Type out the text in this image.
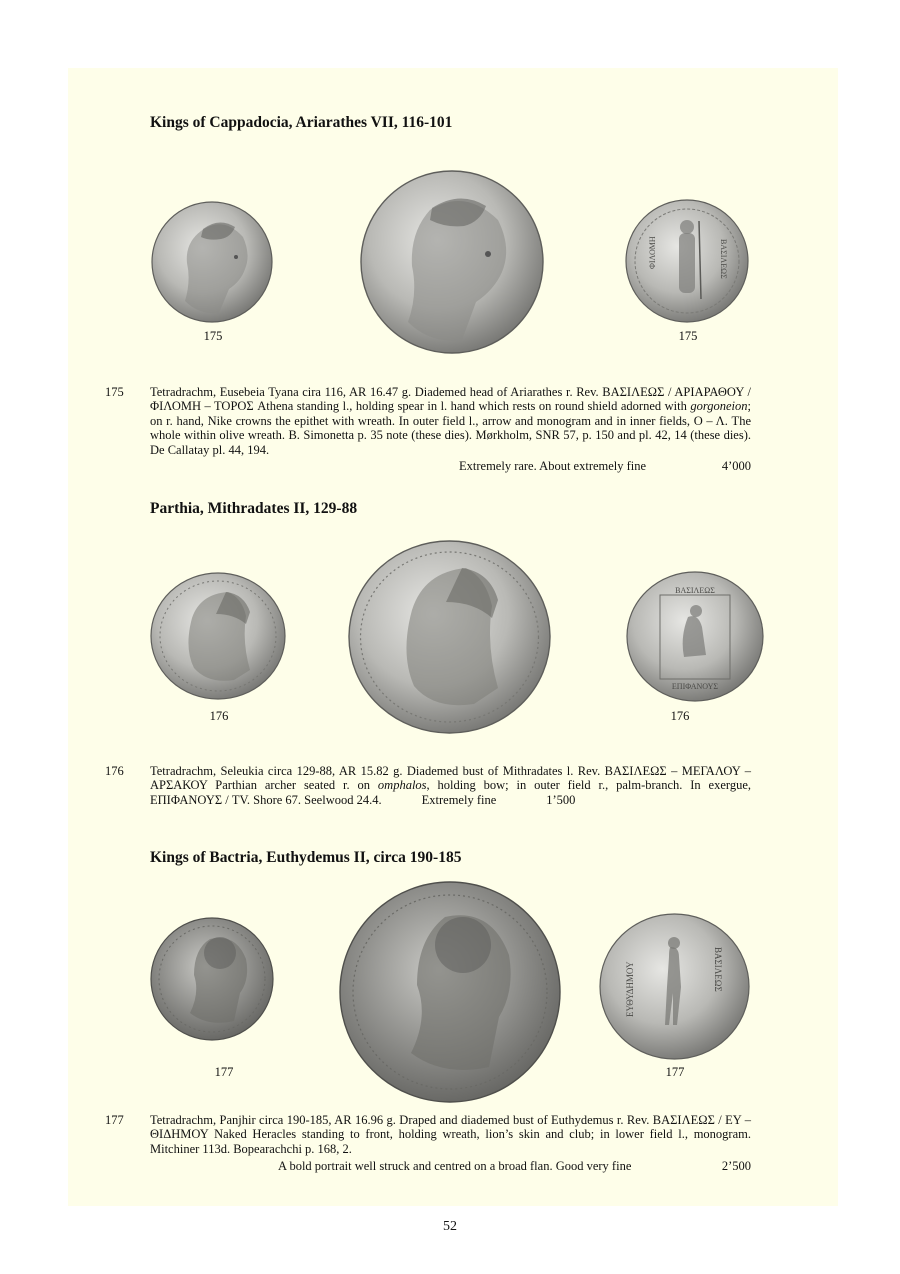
Kings of Cappadocia, Ariarathes VII, 116-101
175
ΦΙΛΟΜΗ	ΒΑΣΙΛΕΩΣ
175
175 Tetradrachm, Eusebeia Tyana cira 116, AR 16.47 g. Diademed head of Ariarathes r. Rev. ΒΑΣΙΛΕΩΣ / ΑΡΙΑΡΑΘΟΥ / ΦΙΛΟΜΗ – ΤΟΡΟΣ Athena standing l., holding spear in l. hand which rests on round shield adorned with gorgoneion; on r. hand, Nike crowns the epithet with wreath. In outer field l., arrow and monogram and in inner fields, Ο – Λ. The whole within olive wreath. B. Simonetta p. 35 note (these dies). Mørkholm, SNR 57, p. 150 and pl. 42, 14 (these dies). De Callatay pl. 44, 194.
Extremely rare. About extremely fine	4’000
Parthia, Mithradates II, 129-88
176
ΒΑΣΙΛΕΩΣ
ΕΠΙΦΑΝΟΥΣ
176
176 Tetradrachm, Seleukia circa 129-88, AR 15.82 g. Diademed bust of Mithradates l. Rev. ΒΑΣΙΛΕΩΣ – ΜΕΓΑΛΟΥ – ΑΡΣΑΚΟΥ Parthian archer seated r. on omphalos, holding bow; in outer field r., palm-branch. In exergue, ΕΠΙΦΑΝΟΥΣ / TV. Shore 67. Seelwood 24.4.	Extremely fine	1’500
Kings of Bactria, Euthydemus II, circa 190-185
177
ΕΥΘΥΔΗΜΟΥ	ΒΑΣΙΛΕΩΣ
177
177 Tetradrachm, Panjhir circa 190-185, AR 16.96 g. Draped and diademed bust of Euthydemus r. Rev. ΒΑΣΙΛΕΩΣ / ΕΥ – ΘΙΔΗΜΟΥ Naked Heracles standing to front, holding wreath, lion’s skin and club; in lower field l., monogram. Mitchiner 113d. Bopearachchi p. 168, 2.
A bold portrait well struck and centred on a broad flan. Good very fine	2’500
52
